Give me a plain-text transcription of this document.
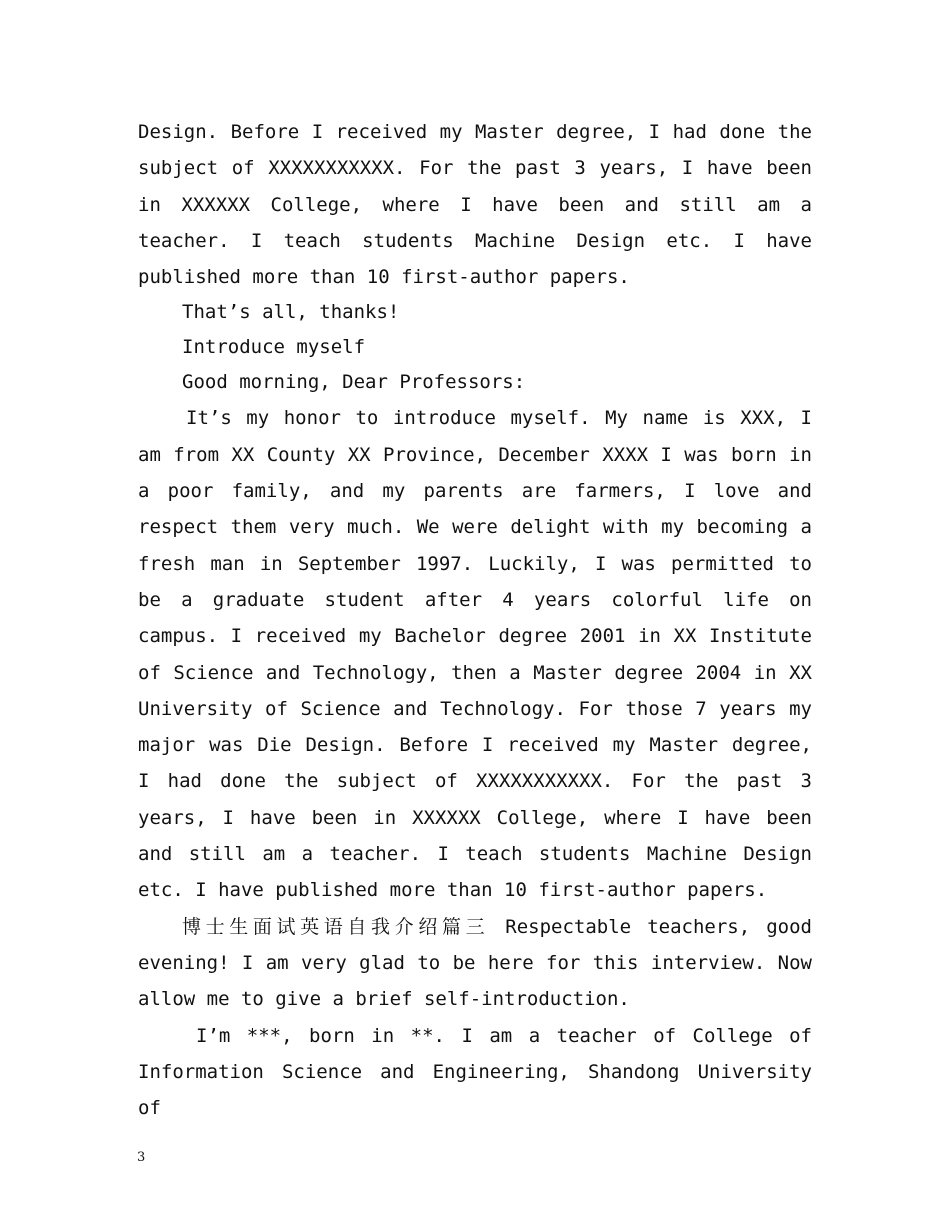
Design. Before I received my Master degree, I had done the subject of XXXXXXXXXXX. For the past 3 years, I have been in XXXXXX College, where I have been and still am a teacher. I teach students Machine Design etc. I have published more than 10 first-author papers.

That’s all, thanks!

Introduce myself

Good morning, Dear Professors:

It’s my honor to introduce myself. My name is XXX, I am from XX County XX Province, December XXXX I was born in a poor family, and my parents are farmers, I love and respect them very much. We were delight with my becoming a fresh man in September 1997. Luckily, I was permitted to be a graduate student after 4 years colorful life on campus. I received my Bachelor degree 2001 in XX Institute of Science and Technology, then a Master degree 2004 in XX University of Science and Technology. For those 7 years my major was Die Design. Before I received my Master degree, I had done the subject of XXXXXXXXXXX. For the past 3 years, I have been in XXXXXX College, where I have been and still am a teacher. I teach students Machine Design etc. I have published more than 10 first-author papers.

博士生面试英语自我介绍篇三 Respectable teachers, good evening! I am very glad to be here for this interview. Now allow me to give a brief self-introduction.

I’m ***, born in **. I am a teacher of College of Information Science and Engineering, Shandong University of

3
